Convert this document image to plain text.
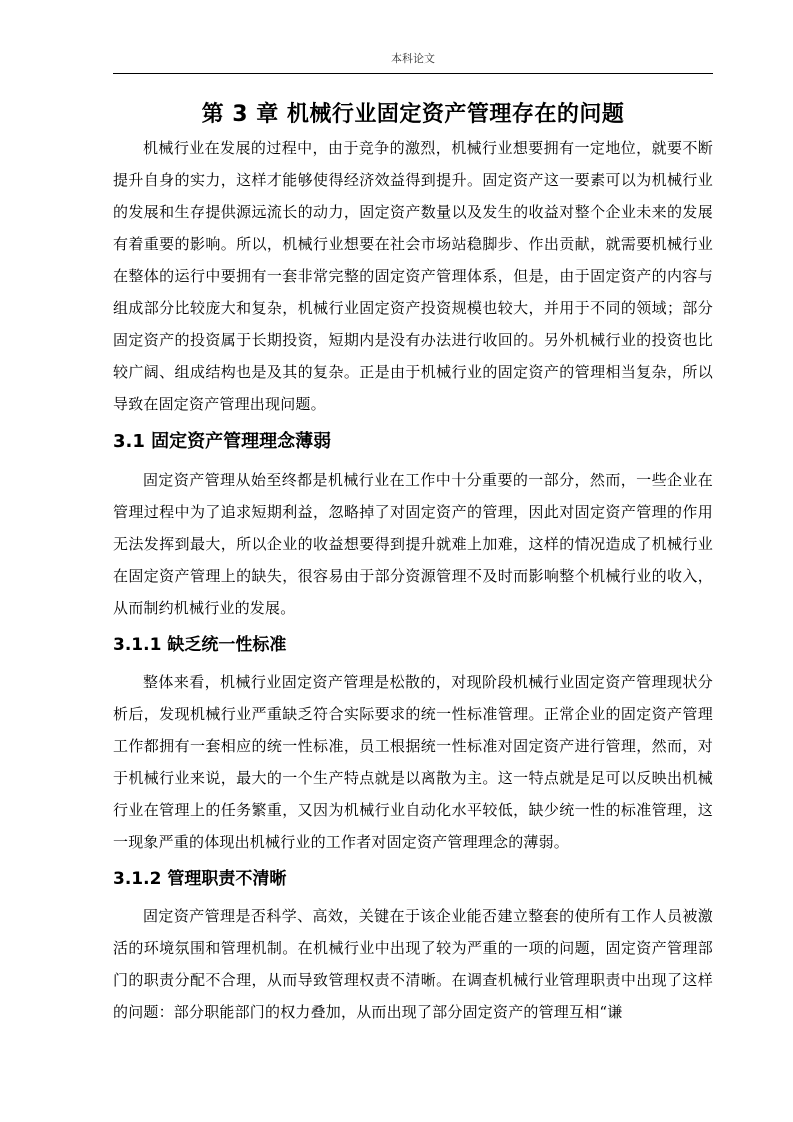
本科论文
第 3 章 机械行业固定资产管理存在的问题

机械行业在发展的过程中，由于竞争的激烈，机械行业想要拥有一定地位，就要不断提升自身的实力，这样才能够使得经济效益得到提升。固定资产这一要素可以为机械行业的发展和生存提供源远流长的动力，固定资产数量以及发生的收益对整个企业未来的发展有着重要的影响。所以，机械行业想要在社会市场站稳脚步、作出贡献，就需要机械行业在整体的运行中要拥有一套非常完整的固定资产管理体系，但是，由于固定资产的内容与组成部分比较庞大和复杂，机械行业固定资产投资规模也较大，并用于不同的领域；部分固定资产的投资属于长期投资，短期内是没有办法进行收回的。另外机械行业的投资也比较广阔、组成结构也是及其的复杂。正是由于机械行业的固定资产的管理相当复杂，所以导致在固定资产管理出现问题。

3.1 固定资产管理理念薄弱

固定资产管理从始至终都是机械行业在工作中十分重要的一部分，然而，一些企业在管理过程中为了追求短期利益，忽略掉了对固定资产的管理，因此对固定资产管理的作用无法发挥到最大，所以企业的收益想要得到提升就难上加难，这样的情况造成了机械行业在固定资产管理上的缺失，很容易由于部分资源管理不及时而影响整个机械行业的收入，从而制约机械行业的发展。

3.1.1 缺乏统一性标准

整体来看，机械行业固定资产管理是松散的，对现阶段机械行业固定资产管理现状分析后，发现机械行业严重缺乏符合实际要求的统一性标准管理。正常企业的固定资产管理工作都拥有一套相应的统一性标准，员工根据统一性标准对固定资产进行管理，然而，对于机械行业来说，最大的一个生产特点就是以离散为主。这一特点就是足可以反映出机械行业在管理上的任务繁重，又因为机械行业自动化水平较低，缺少统一性的标准管理，这一现象严重的体现出机械行业的工作者对固定资产管理理念的薄弱。

3.1.2 管理职责不清晰

固定资产管理是否科学、高效，关键在于该企业能否建立整套的使所有工作人员被激活的环境氛围和管理机制。在机械行业中出现了较为严重的一项的问题，固定资产管理部门的职责分配不合理，从而导致管理权责不清晰。在调查机械行业管理职责中出现了这样的问题：部分职能部门的权力叠加，从而出现了部分固定资产的管理互相“谦
